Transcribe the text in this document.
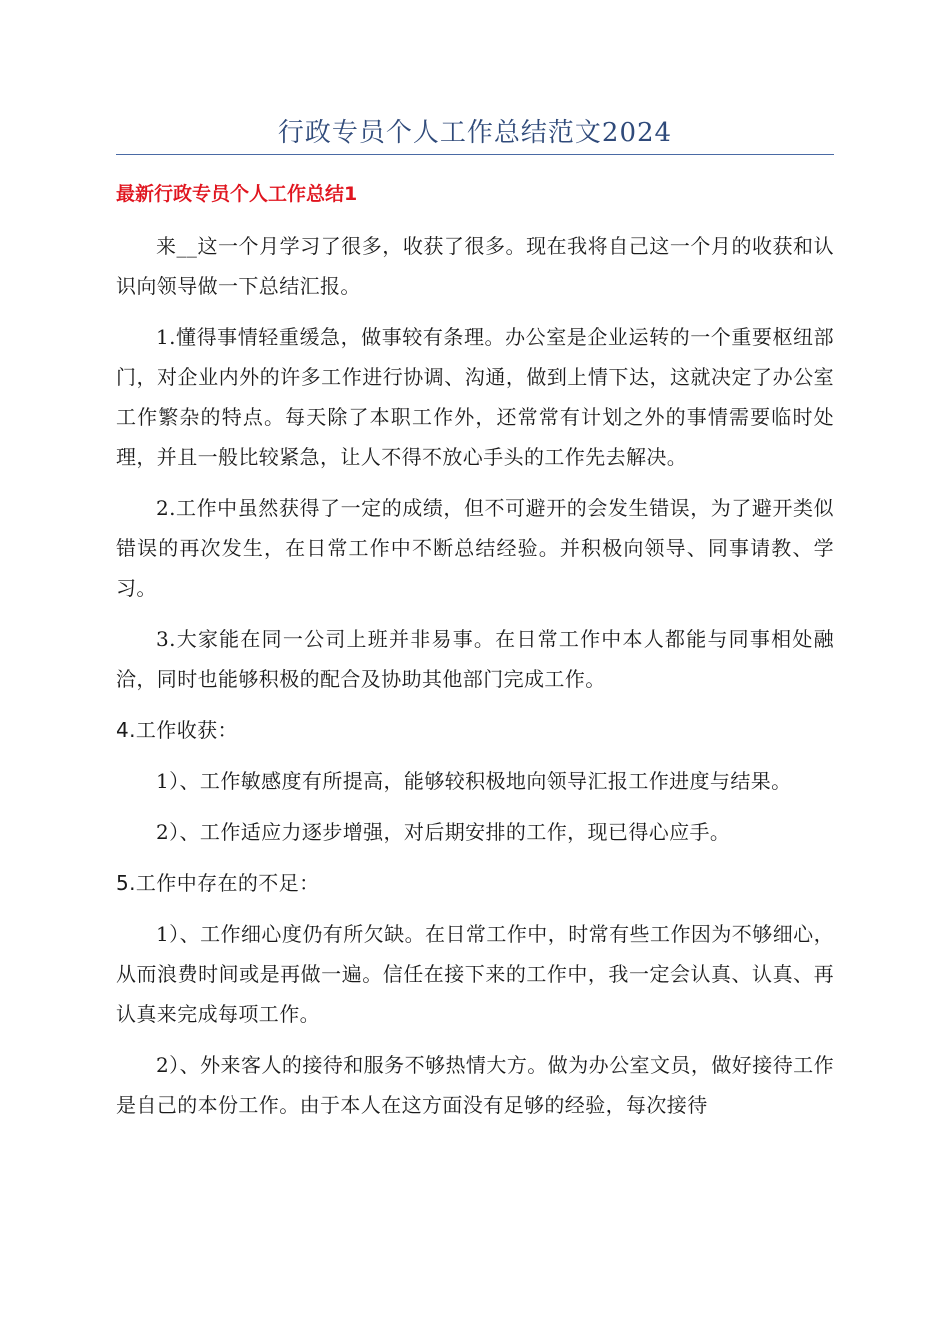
行政专员个人工作总结范文2024
最新行政专员个人工作总结1

来__这一个月学习了很多，收获了很多。现在我将自己这一个月的收获和认识向领导做一下总结汇报。

1.懂得事情轻重缓急，做事较有条理。办公室是企业运转的一个重要枢纽部门，对企业内外的许多工作进行协调、沟通，做到上情下达，这就决定了办公室工作繁杂的特点。每天除了本职工作外，还常常有计划之外的事情需要临时处理，并且一般比较紧急，让人不得不放心手头的工作先去解决。

2.工作中虽然获得了一定的成绩，但不可避开的会发生错误，为了避开类似错误的再次发生，在日常工作中不断总结经验。并积极向领导、同事请教、学习。

3.大家能在同一公司上班并非易事。在日常工作中本人都能与同事相处融洽，同时也能够积极的配合及协助其他部门完成工作。

4.工作收获：

1）、工作敏感度有所提高，能够较积极地向领导汇报工作进度与结果。

2）、工作适应力逐步增强，对后期安排的工作，现已得心应手。

5.工作中存在的不足：

1）、工作细心度仍有所欠缺。在日常工作中，时常有些工作因为不够细心，从而浪费时间或是再做一遍。信任在接下来的工作中，我一定会认真、认真、再认真来完成每项工作。

2）、外来客人的接待和服务不够热情大方。做为办公室文员，做好接待工作是自己的本份工作。由于本人在这方面没有足够的经验，每次接待
